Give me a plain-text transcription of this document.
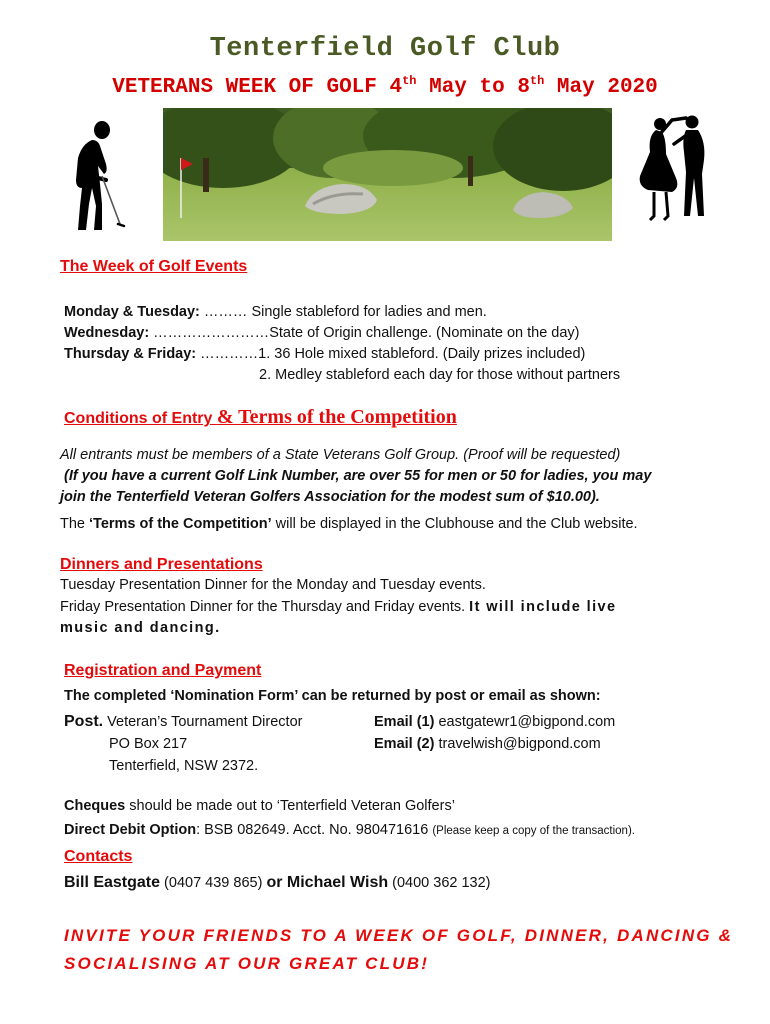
Tenterfield Golf Club
VETERANS WEEK OF GOLF 4th May to 8th May 2020
The Week of Golf Events
Monday & Tuesday: ……… Single stableford for ladies and men.
Wednesday: ……………………State of Origin challenge. (Nominate on the day)
Thursday & Friday: …………1. 36 Hole mixed stableford. (Daily prizes included)
2. Medley stableford each day for those without partners
Conditions of Entry & Terms of the Competition
All entrants must be members of a State Veterans Golf Group. (Proof will be requested)
(If you have a current Golf Link Number, are over 55 for men or 50 for ladies, you may
join the Tenterfield Veteran Golfers Association for the modest sum of $10.00).
The ‘Terms of the Competition’ will be displayed in the Clubhouse and the Club website.
Dinners and Presentations
Tuesday Presentation Dinner for the Monday and Tuesday events.
Friday Presentation Dinner for the Thursday and Friday events. It will include live
music and dancing.
Registration and Payment
The completed ‘Nomination Form’ can be returned by post or email as shown:
Post. Veteran’s Tournament Director
PO Box 217
Tenterfield, NSW 2372.
Email (1) eastgatewr1@bigpond.com
Email (2) travelwish@bigpond.com
Cheques should be made out to ‘Tenterfield Veteran Golfers’
Direct Debit Option: BSB 082649. Acct. No. 980471616 (Please keep a copy of the transaction).
Contacts
Bill Eastgate (0407 439 865) or Michael Wish (0400 362 132)
INVITE YOUR FRIENDS TO A WEEK OF GOLF, DINNER, DANCING &
SOCIALISING AT OUR GREAT CLUB!
